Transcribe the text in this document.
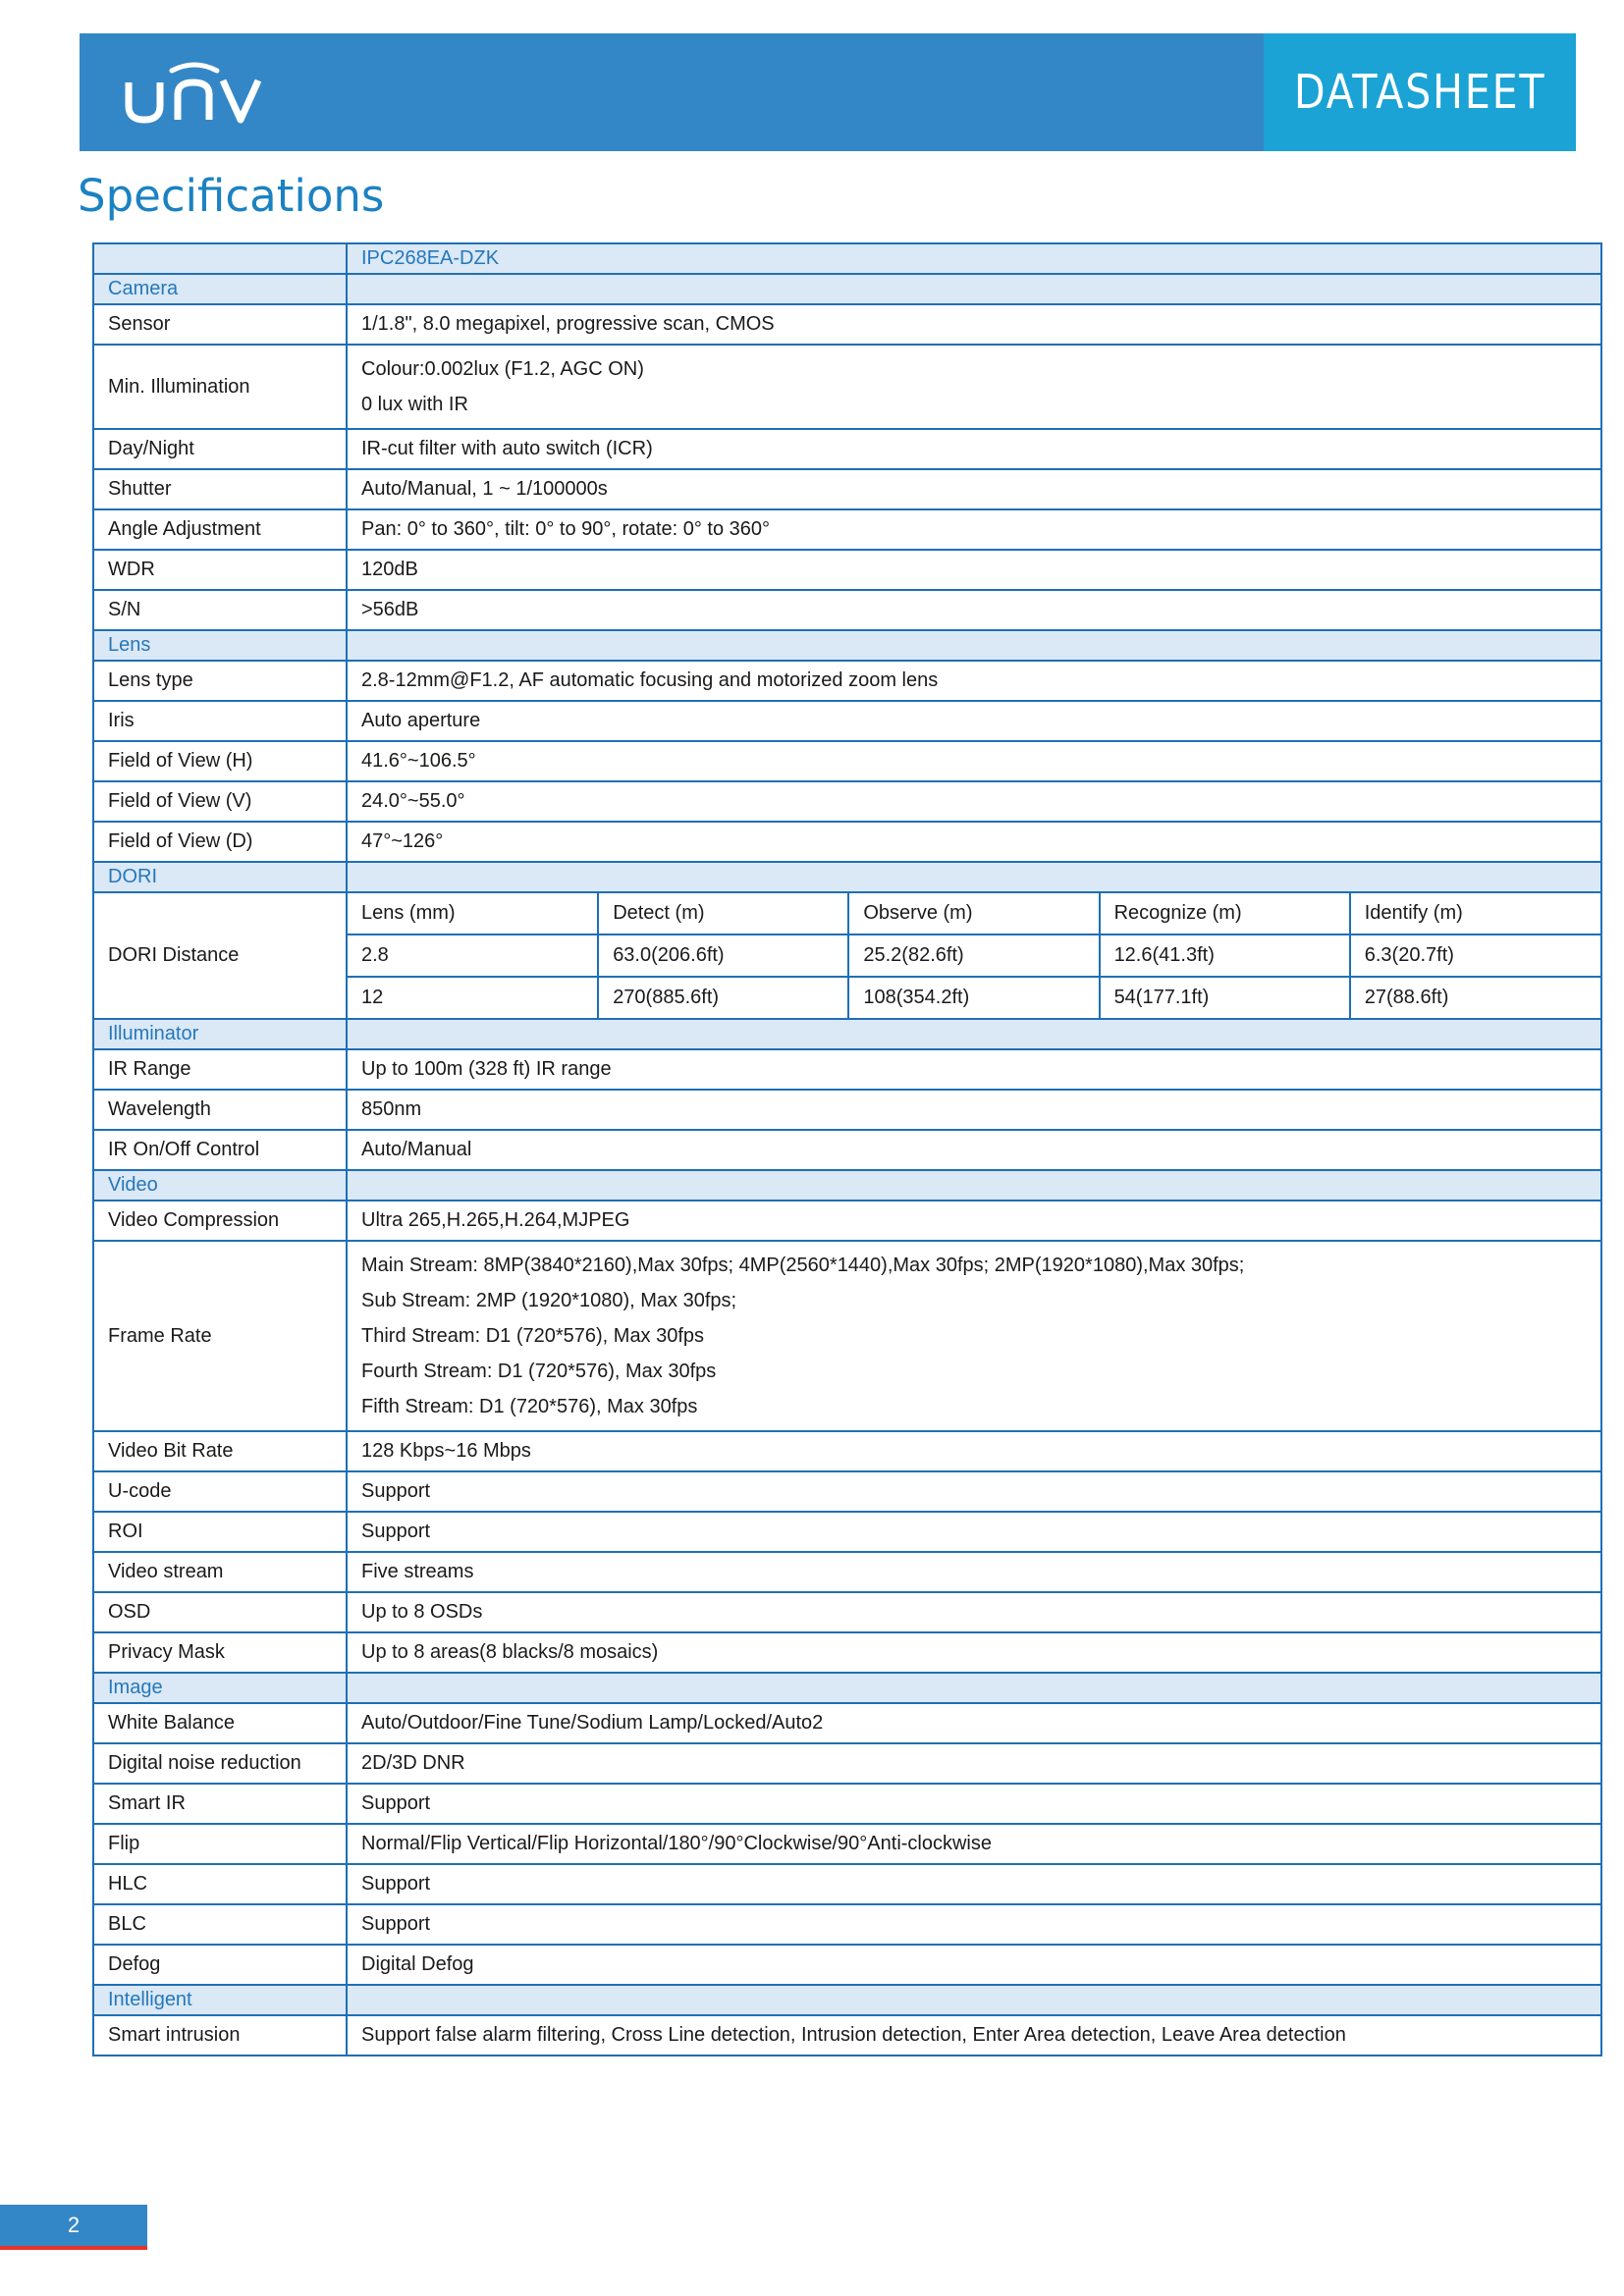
DATASHEET
Specifications
	IPC268EA-DZK
Camera	
Sensor	1/1.8", 8.0 megapixel, progressive scan, CMOS
Min. Illumination	
Colour:0.002lux (F1.2, AGC ON)
0 lux with IR

Day/Night	IR-cut filter with auto switch (ICR)
Shutter	Auto/Manual, 1 ~ 1/100000s
Angle Adjustment	Pan: 0° to 360°, tilt: 0° to 90°, rotate: 0° to 360°
WDR	120dB
S/N	>56dB
Lens	
Lens type	2.8-12mm@F1.2, AF automatic focusing and motorized zoom lens
Iris	Auto aperture
Field of View (H)	41.6°~106.5°
Field of View (V)	24.0°~55.0°
Field of View (D)	47°~126°
DORI	
DORI Distance	
Lens (mm)	Detect (m)	Observe (m)	Recognize (m)	Identify (m)
2.8	63.0(206.6ft)	25.2(82.6ft)	12.6(41.3ft)	6.3(20.7ft)
12	270(885.6ft)	108(354.2ft)	54(177.1ft)	27(88.6ft)

Illuminator	
IR Range	Up to 100m (328 ft) IR range
Wavelength	850nm
IR On/Off Control	Auto/Manual
Video	
Video Compression	Ultra 265,H.265,H.264,MJPEG
Frame Rate	
Main Stream: 8MP(3840*2160),Max 30fps; 4MP(2560*1440),Max 30fps; 2MP(1920*1080),Max 30fps;
Sub Stream: 2MP (1920*1080), Max 30fps;
Third Stream: D1 (720*576), Max 30fps
Fourth Stream: D1 (720*576), Max 30fps
Fifth Stream: D1 (720*576), Max 30fps

Video Bit Rate	128 Kbps~16 Mbps
U-code	Support
ROI	Support
Video stream	Five streams
OSD	Up to 8 OSDs
Privacy Mask	Up to 8 areas(8 blacks/8 mosaics)
Image	
White Balance	Auto/Outdoor/Fine Tune/Sodium Lamp/Locked/Auto2
Digital noise reduction	2D/3D DNR
Smart IR	Support
Flip	Normal/Flip Vertical/Flip Horizontal/180°/90°Clockwise/90°Anti-clockwise
HLC	Support
BLC	Support
Defog	Digital Defog
Intelligent	
Smart intrusion	Support false alarm filtering, Cross Line detection, Intrusion detection, Enter Area detection, Leave Area detection
2
